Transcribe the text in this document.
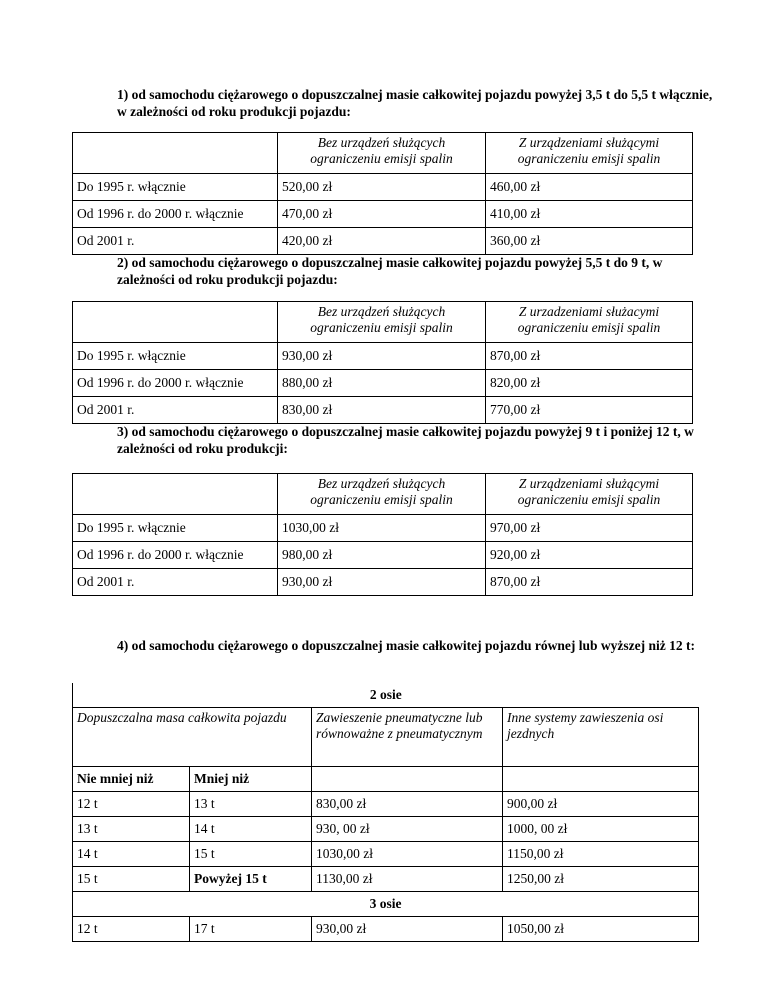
1) od samochodu ciężarowego o dopuszczalnej masie całkowitej pojazdu powyżej 3,5 t do 5,5 t włącznie, w zależności od roku produkcji pojazdu:
	Bez urządzeń służących ograniczeniu emisji spalin	Z urządzeniami służącymi ograniczeniu emisji spalin
Do 1995 r. włącznie	520,00 zł	460,00 zł
Od 1996 r. do 2000 r. włącznie	470,00 zł	410,00 zł
Od 2001 r.	420,00 zł	360,00 zł
2) od samochodu ciężarowego o dopuszczalnej masie całkowitej pojazdu powyżej 5,5 t do 9 t, w zależności od roku produkcji pojazdu:
	Bez urządzeń służących ograniczeniu emisji spalin	Z urzadzeniami służacymi ograniczeniu emisji spalin
Do 1995 r. włącznie	930,00 zł	870,00 zł
Od 1996 r. do 2000 r. włącznie	880,00 zł	820,00 zł
Od 2001 r.	830,00 zł	770,00 zł
3) od samochodu ciężarowego o dopuszczalnej masie całkowitej pojazdu powyżej 9 t i poniżej 12 t, w zależności od roku produkcji:
	Bez urządzeń służących ograniczeniu emisji spalin	Z urządzeniami służącymi ograniczeniu emisji spalin
Do 1995 r. włącznie	1030,00 zł	970,00 zł
Od 1996 r. do 2000 r. włącznie	980,00 zł	920,00 zł
Od 2001 r.	930,00 zł	870,00 zł
4) od samochodu ciężarowego o dopuszczalnej masie całkowitej pojazdu równej lub wyższej niż 12 t:
2 osie			
Dopuszczalna masa całkowita pojazdu		Zawieszenie pneumatyczne lub równoważne z pneumatycznym	Inne systemy zawieszenia osi jezdnych
Nie mniej niż	Mniej niż		
12 t	13 t	830,00 zł	900,00 zł
13 t	14 t	930, 00 zł	1000, 00 zł
14 t	15 t	1030,00 zł	1150,00 zł
15 t	Powyżej 15 t	1130,00 zł	1250,00 zł
3 osie			
12 t	17 t	930,00 zł	1050,00 zł
